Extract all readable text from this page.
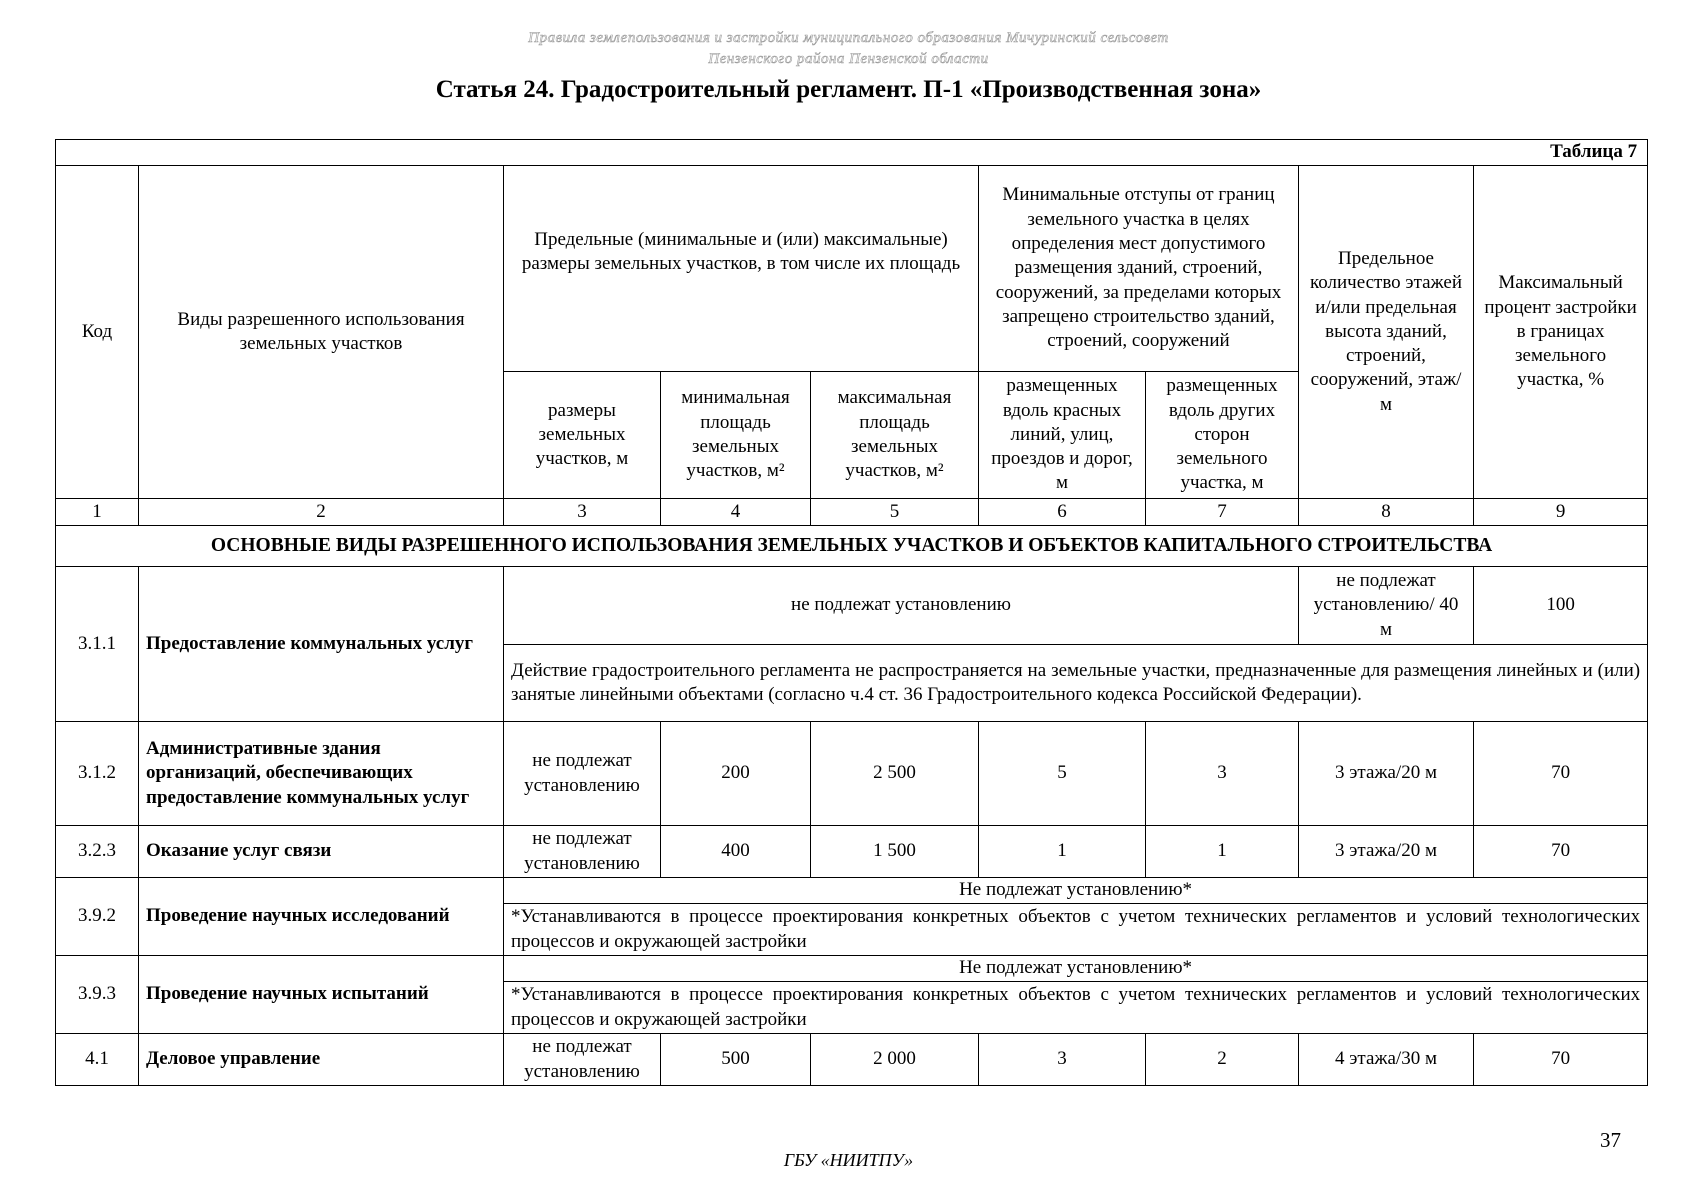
Правила землепользования и застройки муниципального образования Мичуринский сельсовет
Пензенского района Пензенской области
Статья 24. Градостроительный регламент. П-1 «Производственная зона»
Таблица 7								
Код	Виды разрешенного использования земельных участков	Предельные (минимальные и (или) максимальные) размеры земельных участков, в том числе их площадь			Минимальные отступы от границ земельного участка в целях определения мест допустимого размещения зданий, строений, сооружений, за пределами которых запрещено строительство зданий, строений, сооружений		Предельное количество этажей и/или предельная высота зданий, строений, сооружений, этаж/м	Максимальный процент застройки в границах земельного участка, %

		размеры земельных участков, м	минимальная площадь земельных участков, м²	максимальная площадь земельных участков, м²	размещенных вдоль красных линий, улиц, проездов и дорог, м	размещенных вдоль других сторон земельного участка, м		
1	2	3	4	5	6	7	8	9
ОСНОВНЫЕ ВИДЫ РАЗРЕШЕННОГО ИСПОЛЬЗОВАНИЯ ЗЕМЕЛЬНЫХ УЧАСТКОВ И ОБЪЕКТОВ КАПИТАЛЬНОГО СТРОИТЕЛЬСТВА								
3.1.1	Предоставление коммунальных услуг	не подлежат установлению					не подлежат установлению/ 40 м	100
		Действие градостроительного регламента не распространяется на земельные участки, предназначенные для размещения линейных и (или) занятые линейными объектами (согласно ч.4 ст. 36 Градостроительного кодекса Российской Федерации).						
3.1.2	Административные здания организаций, обеспечивающих предоставление коммунальных услуг	не подлежат установлению	200	2 500	5	3	3 этажа/20 м	70
3.2.3	Оказание услуг связи	не подлежат установлению	400	1 500	1	1	3 этажа/20 м	70
3.9.2	Проведение научных исследований	Не подлежат установлению*						
		*Устанавливаются в процессе проектирования конкретных объектов с учетом технических регламентов и условий технологических процессов и окружающей застройки						
3.9.3	Проведение научных испытаний	Не подлежат установлению*						
		*Устанавливаются в процессе проектирования конкретных объектов с учетом технических регламентов и условий технологических процессов и окружающей застройки						
4.1	Деловое управление	не подлежат установлению	500	2 000	3	2	4 этажа/30 м	70
37
ГБУ «НИИТПУ»
